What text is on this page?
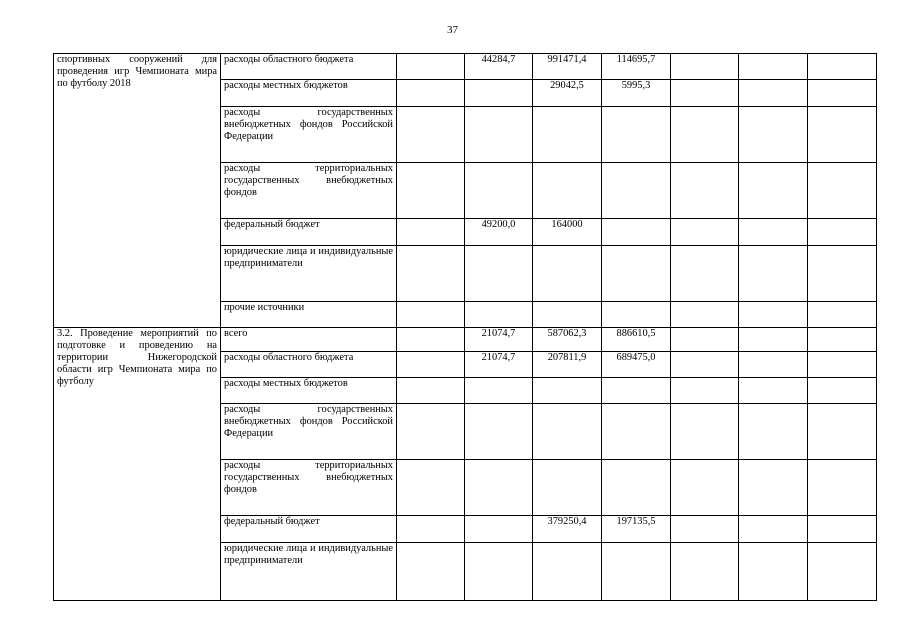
37
спортивных сооружений для проведения игр Чемпионата мира по футболу 2018	расходы областного бюджета		44284,7	991471,4	114695,7			
	расходы местных бюджетов			29042,5	5995,3			
	расходы государственных внебюджетных фондов Российской Федерации							
	расходы территориальных государственных внебюджетных фондов							
	федеральный бюджет		49200,0	164000				
	юридические лица и индивидуальные предприниматели							
	прочие источники							
3.2. Проведение мероприятий по подготовке и проведению на территории Нижегородской области игр Чемпионата мира по футболу	всего		21074,7	587062,3	886610,5			
	расходы областного бюджета		21074,7	207811,9	689475,0			
	расходы местных бюджетов							
	расходы государственных внебюджетных фондов Российской Федерации							
	расходы территориальных государственных внебюджетных фондов							
	федеральный бюджет			379250,4	197135,5			
	юридические лица и индивидуальные предприниматели							
